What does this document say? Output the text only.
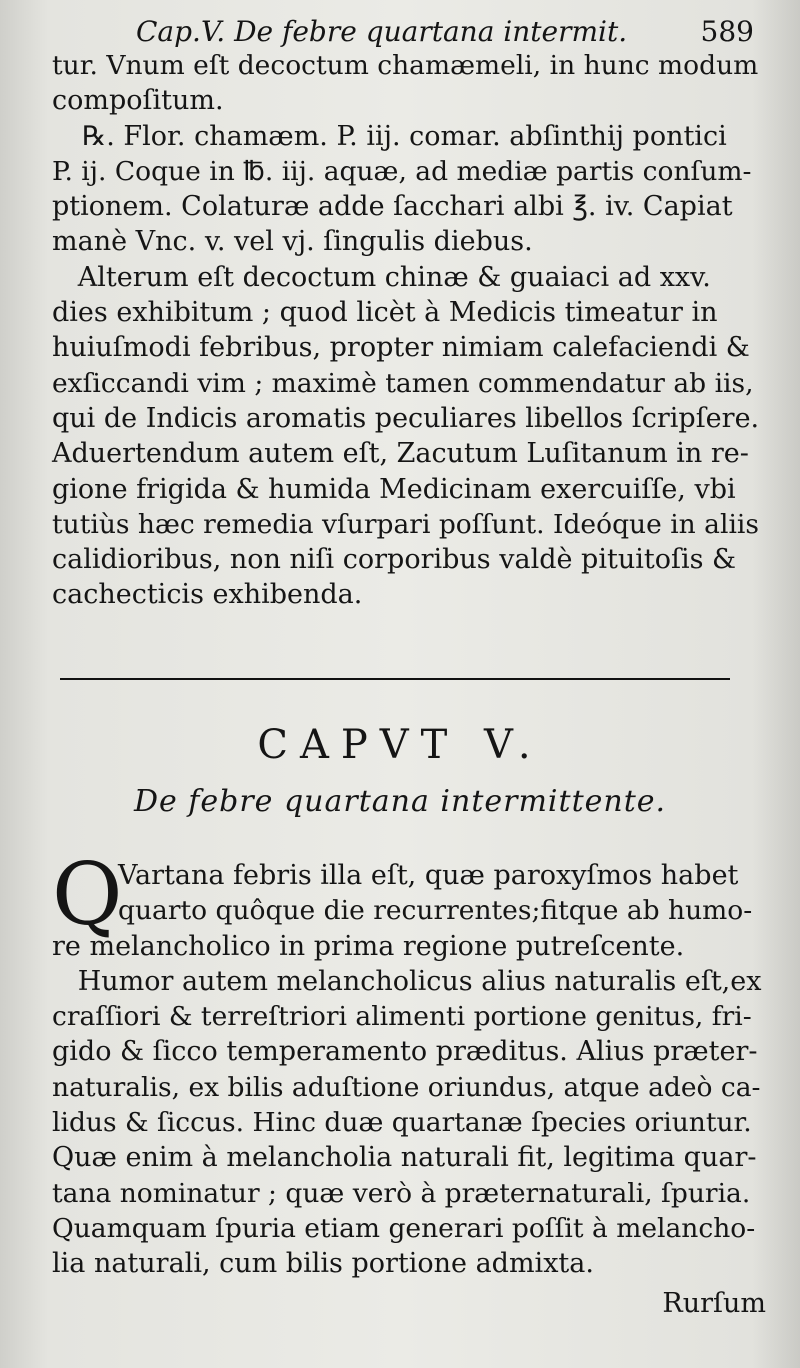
Cap.V. De febre quartana intermit.	589
tur. Vnum eſt decoctum chamæmeli, in hunc modum
compoſitum.
℞. Flor. chamæm. P. iij. comar. abſinthij pontici
P. ij. Coque in ℔. iij. aquæ, ad mediæ partis conſum-
ptionem. Colaturæ adde ſacchari albi ℥. iv. Capiat
manè Vnc. v. vel vj. ſingulis diebus.
Alterum eſt decoctum chinæ & guaiaci ad xxv.
dies exhibitum ; quod licèt à Medicis timeatur in
huiuſmodi febribus, propter nimiam calefaciendi &
exſiccandi vim ; maximè tamen commendatur ab iis,
qui de Indicis aromatis peculiares libellos ſcripſere.
Aduertendum autem eſt, Zacutum Luſitanum in re-
gione frigida & humida Medicinam exercuiſſe, vbi
tutiùs hæc remedia vſurpari poſſunt. Ideóque in aliis
calidioribus, non niſi corporibus valdè pituitoſis &
cachecticis exhibenda.
CAPVT V.
De febre quartana intermittente.
Q
Vartana febris illa eſt, quæ paroxyſmos habet
quarto quôque die recurrentes;fitque ab humo-
re melancholico in prima regione putreſcente.
Humor autem melancholicus alius naturalis eſt,ex
craſſiori & terreſtriori alimenti portione genitus, fri-
gido & ſicco temperamento præditus. Alius præter-
naturalis, ex bilis aduſtione oriundus, atque adeò ca-
lidus & ſiccus. Hinc duæ quartanæ ſpecies oriuntur.
Quæ enim à melancholia naturali fit, legitima quar-
tana nominatur ; quæ verò à præternaturali, ſpuria.
Quamquam ſpuria etiam generari poſſit à melancho-
lia naturali, cum bilis portione admixta.
Rurſum
